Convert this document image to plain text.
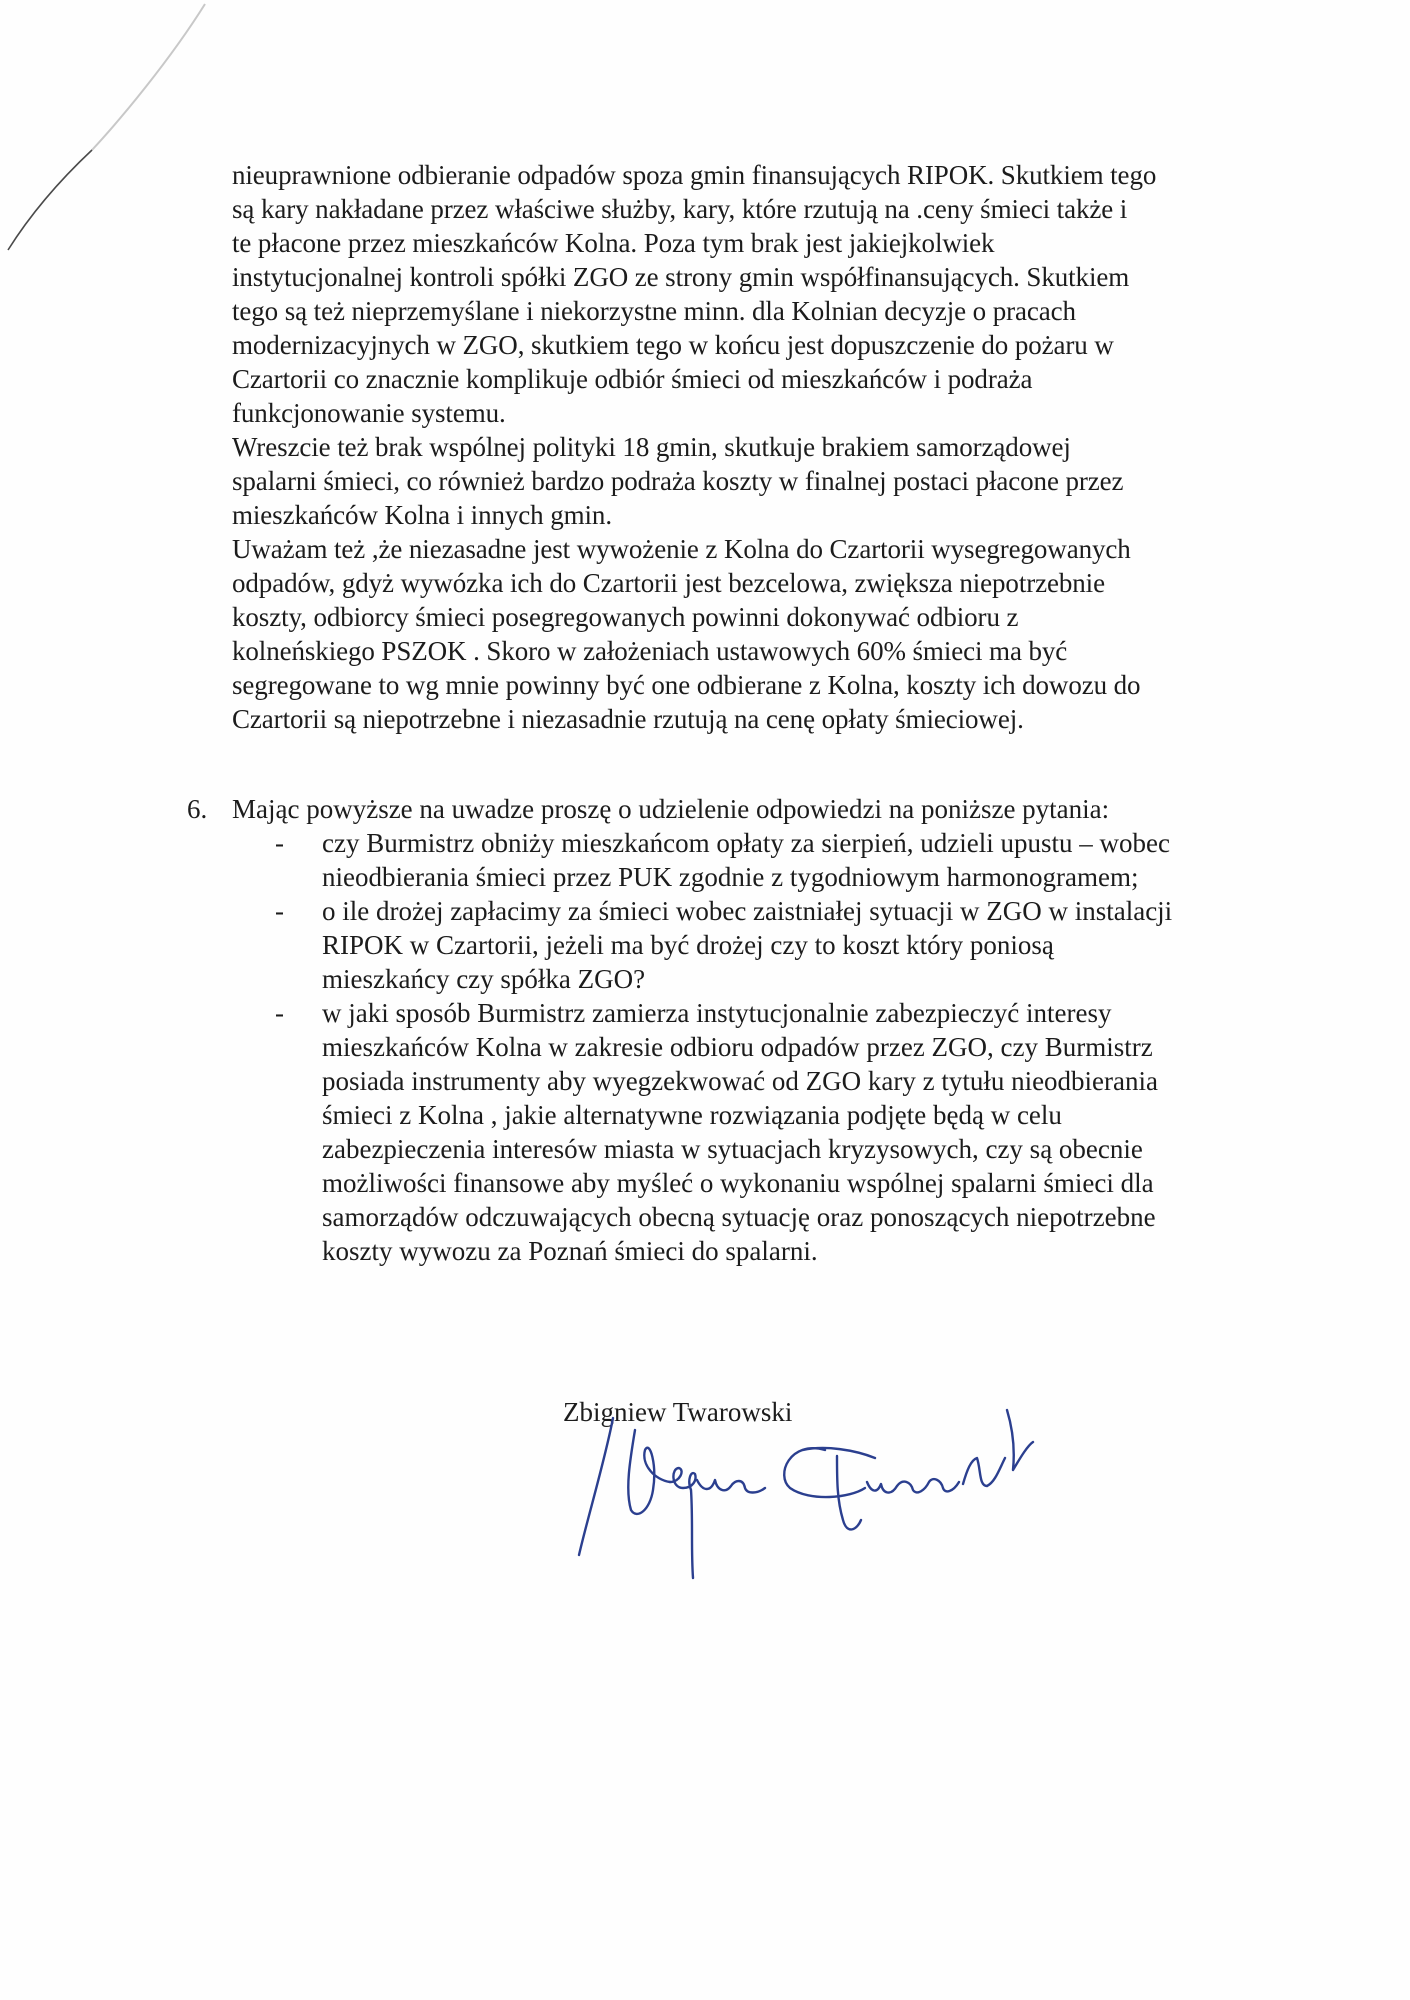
nieuprawnione odbieranie odpadów spoza gmin finansujących RIPOK. Skutkiem tego
są kary nakładane przez właściwe służby, kary, które rzutują na .ceny śmieci także i
te płacone przez mieszkańców Kolna. Poza tym brak jest jakiejkolwiek
instytucjonalnej kontroli spółki ZGO ze strony gmin współfinansujących. Skutkiem
tego są też nieprzemyślane i niekorzystne minn. dla Kolnian decyzje o pracach
modernizacyjnych w ZGO, skutkiem tego w końcu jest dopuszczenie do pożaru w
Czartorii co znacznie komplikuje odbiór śmieci od mieszkańców i podraża
funkcjonowanie systemu.

Wreszcie też brak wspólnej polityki 18 gmin, skutkuje brakiem samorządowej
spalarni śmieci, co również bardzo podraża koszty w finalnej postaci płacone przez
mieszkańców Kolna i innych gmin.

Uważam też ,że niezasadne jest wywożenie z Kolna do Czartorii wysegregowanych
odpadów, gdyż wywózka ich do Czartorii jest bezcelowa, zwiększa niepotrzebnie
koszty, odbiorcy śmieci posegregowanych powinni dokonywać odbioru z
kolneńskiego PSZOK . Skoro w założeniach ustawowych 60% śmieci ma być
segregowane to wg mnie powinny być one odbierane z Kolna, koszty ich dowozu do
Czartorii są niepotrzebne i niezasadnie rzutują na cenę opłaty śmieciowej.

6. Mając powyższe na uwadze proszę o udzielenie odpowiedzi na poniższe pytania:
-	czy Burmistrz obniży mieszkańcom opłaty za sierpień, udzieli upustu – wobec
nieodbierania śmieci przez PUK zgodnie z tygodniowym harmonogramem;
-	o ile drożej zapłacimy za śmieci wobec zaistniałej sytuacji w ZGO w instalacji
RIPOK w Czartorii, jeżeli ma być drożej czy to koszt który poniosą
mieszkańcy czy spółka ZGO?
-	w jaki sposób Burmistrz zamierza instytucjonalnie zabezpieczyć interesy
mieszkańców Kolna w zakresie odbioru odpadów przez ZGO, czy Burmistrz
posiada instrumenty aby wyegzekwować od ZGO kary z tytułu nieodbierania
śmieci z Kolna , jakie alternatywne rozwiązania podjęte będą w celu
zabezpieczenia interesów miasta w sytuacjach kryzysowych, czy są obecnie
możliwości finansowe aby myśleć o wykonaniu wspólnej spalarni śmieci dla
samorządów odczuwających obecną sytuację oraz ponoszących niepotrzebne
koszty wywozu za Poznań śmieci do spalarni.
Zbigniew Twarowski
